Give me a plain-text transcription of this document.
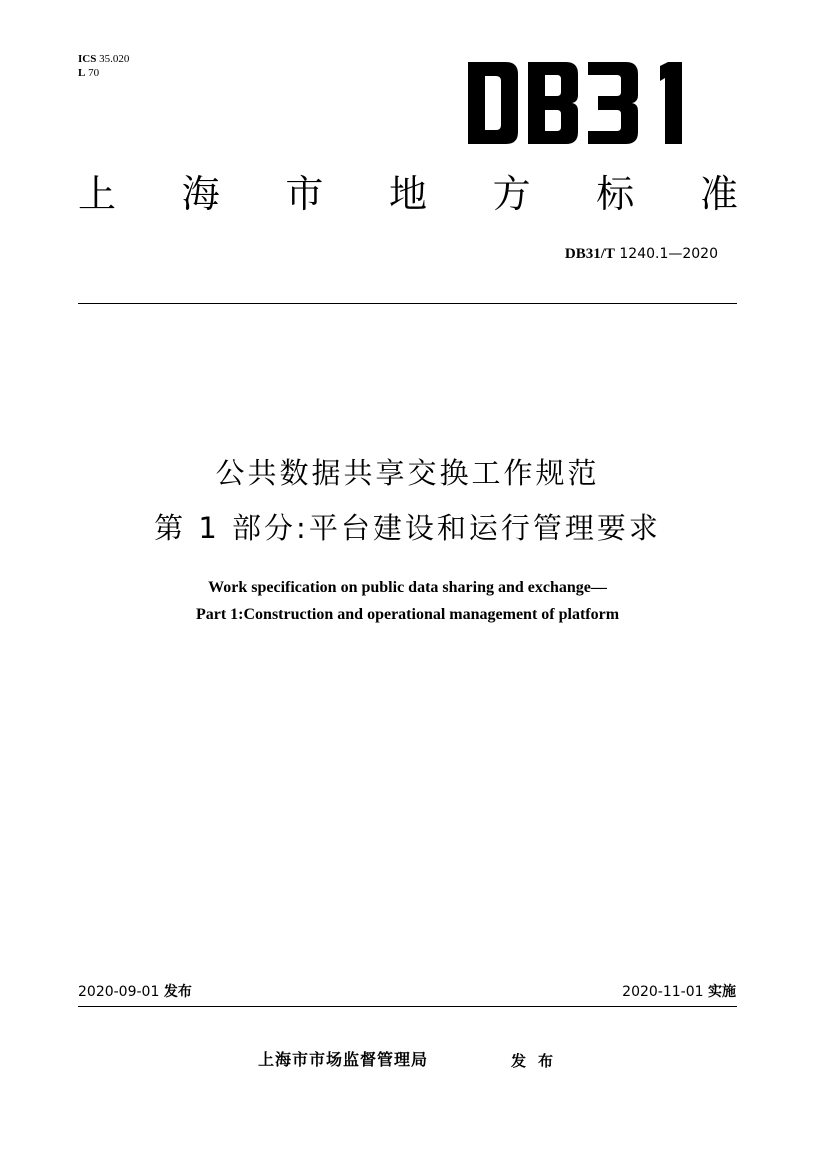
ICS 35.020
L 70
上 海 市 地 方 标 准
DB31/T 1240.1—2020
公共数据共享交换工作规范
第 1 部分:平台建设和运行管理要求
Work specification on public data sharing and exchange—
Part 1:Construction and operational management of platform
2020-09-01 发布	2020-11-01 实施
上海市市场监督管理局	发布
